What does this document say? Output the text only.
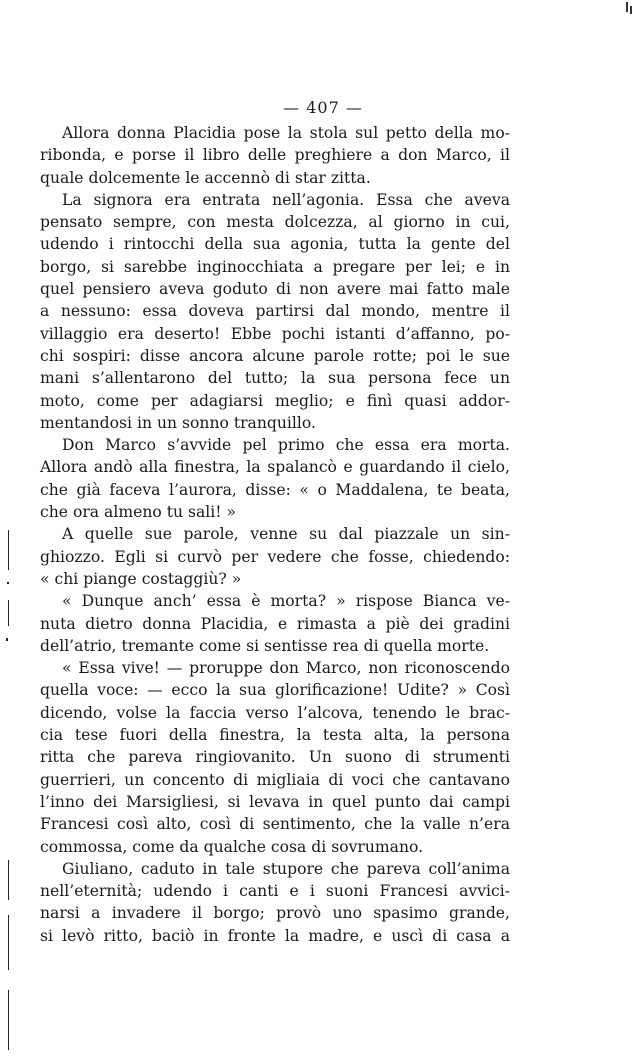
— 407 —
Allora donna Placidia pose la stola sul petto della mo-
ribonda, e porse il libro delle preghiere a don Marco, il
quale dolcemente le accennò di star zitta.
La signora era entrata nell’agonia. Essa che aveva
pensato sempre, con mesta dolcezza, al giorno in cui,
udendo i rintocchi della sua agonia, tutta la gente del
borgo, si sarebbe inginocchiata a pregare per lei; e in
quel pensiero aveva goduto di non avere mai fatto male
a nessuno: essa doveva partirsi dal mondo, mentre il
villaggio era deserto! Ebbe pochi istanti d’affanno, po-
chi sospiri: disse ancora alcune parole rotte; poi le sue
mani s’allentarono del tutto; la sua persona fece un
moto, come per adagiarsi meglio; e finì quasi addor-
mentandosi in un sonno tranquillo.
Don Marco s’avvide pel primo che essa era morta.
Allora andò alla finestra, la spalancò e guardando il cielo,
che già faceva l’aurora, disse: « o Maddalena, te beata,
che ora almeno tu sali! »
A quelle sue parole, venne su dal piazzale un sin-
ghiozzo. Egli si curvò per vedere che fosse, chiedendo:
« chi piange costaggiù? »
« Dunque anch’ essa è morta? » rispose Bianca ve-
nuta dietro donna Placidia, e rimasta a piè dei gradini
dell’atrio, tremante come si sentisse rea di quella morte.
« Essa vive! — proruppe don Marco, non riconoscendo
quella voce: — ecco la sua glorificazione! Udite? » Così
dicendo, volse la faccia verso l’alcova, tenendo le brac-
cia tese fuori della finestra, la testa alta, la persona
ritta che pareva ringiovanito. Un suono di strumenti
guerrieri, un concento di migliaia di voci che cantavano
l’inno dei Marsigliesi, si levava in quel punto dai campi
Francesi così alto, così di sentimento, che la valle n’era
commossa, come da qualche cosa di sovrumano.
Giuliano, caduto in tale stupore che pareva coll’anima
nell’eternità; udendo i canti e i suoni Francesi avvici-
narsi a invadere il borgo; provò uno spasimo grande,
si levò ritto, baciò in fronte la madre, e uscì di casa a
